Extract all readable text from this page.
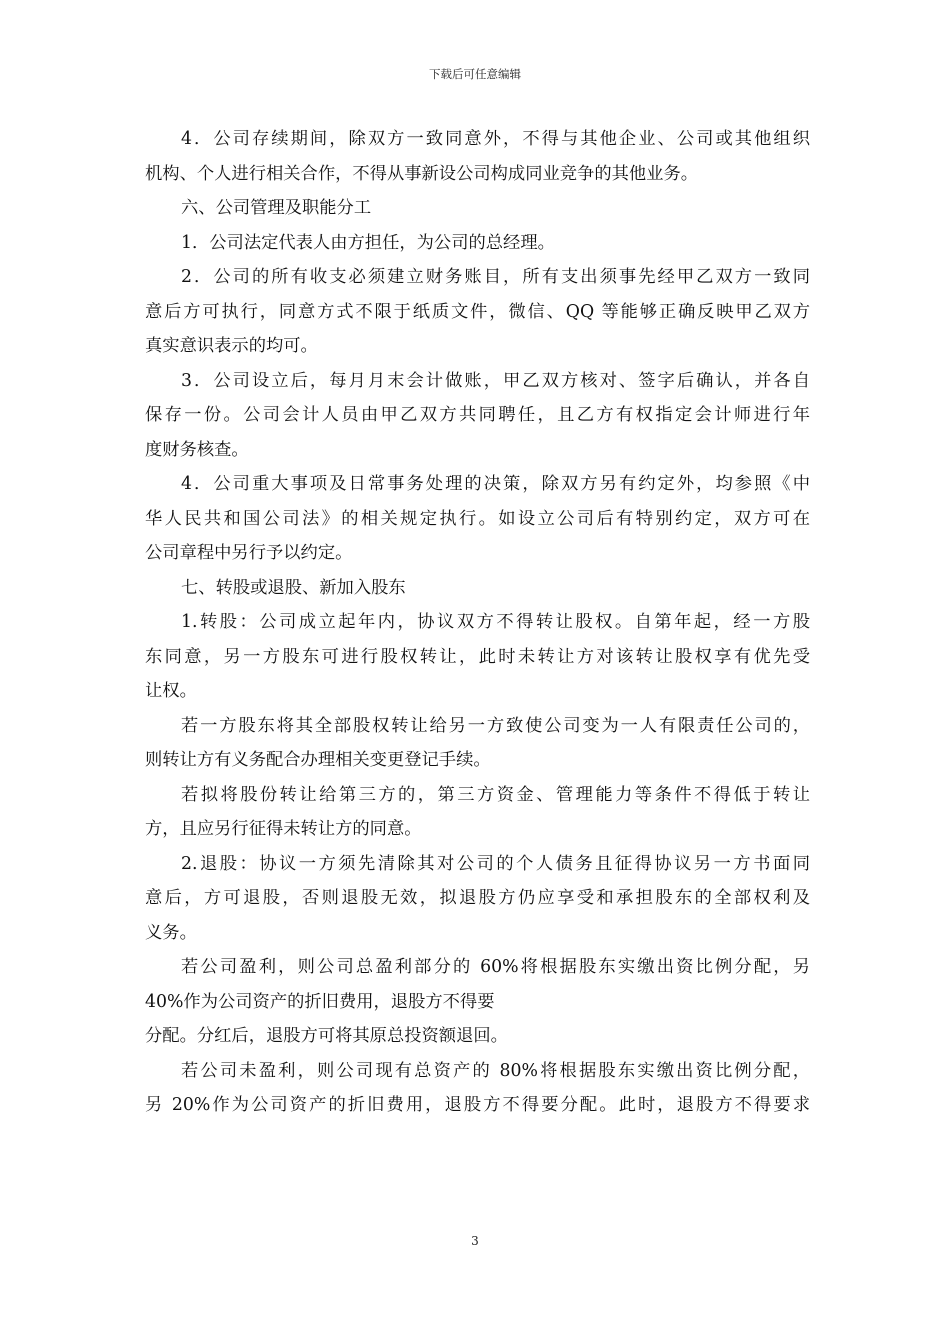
下载后可任意编辑
4．公司存续期间，除双方一致同意外，不得与其他企业、公司或其他组织
机构、个人进行相关合作，不得从事新设公司构成同业竞争的其他业务。
六、公司管理及职能分工
1．公司法定代表人由方担任，为公司的总经理。
2．公司的所有收支必须建立财务账目，所有支出须事先经甲乙双方一致同
意后方可执行，同意方式不限于纸质文件，微信、QQ 等能够正确反映甲乙双方
真实意识表示的均可。
3．公司设立后，每月月末会计做账，甲乙双方核对、签字后确认，并各自
保存一份。公司会计人员由甲乙双方共同聘任，且乙方有权指定会计师进行年
度财务核查。
4．公司重大事项及日常事务处理的决策，除双方另有约定外，均参照《中
华人民共和国公司法》的相关规定执行。如设立公司后有特别约定，双方可在
公司章程中另行予以约定。
七、转股或退股、新加入股东
1.转股：公司成立起年内，协议双方不得转让股权。自第年起，经一方股
东同意，另一方股东可进行股权转让，此时未转让方对该转让股权享有优先受
让权。
若一方股东将其全部股权转让给另一方致使公司变为一人有限责任公司的，
则转让方有义务配合办理相关变更登记手续。
若拟将股份转让给第三方的，第三方资金、管理能力等条件不得低于转让
方，且应另行征得未转让方的同意。
2.退股：协议一方须先清除其对公司的个人债务且征得协议另一方书面同
意后，方可退股，否则退股无效，拟退股方仍应享受和承担股东的全部权利及
义务。
若公司盈利，则公司总盈利部分的 60%将根据股东实缴出资比例分配，另
40%作为公司资产的折旧费用，退股方不得要
分配。分红后，退股方可将其原总投资额退回。
若公司未盈利，则公司现有总资产的 80%将根据股东实缴出资比例分配，
另 20%作为公司资产的折旧费用，退股方不得要分配。此时，退股方不得要求
3
